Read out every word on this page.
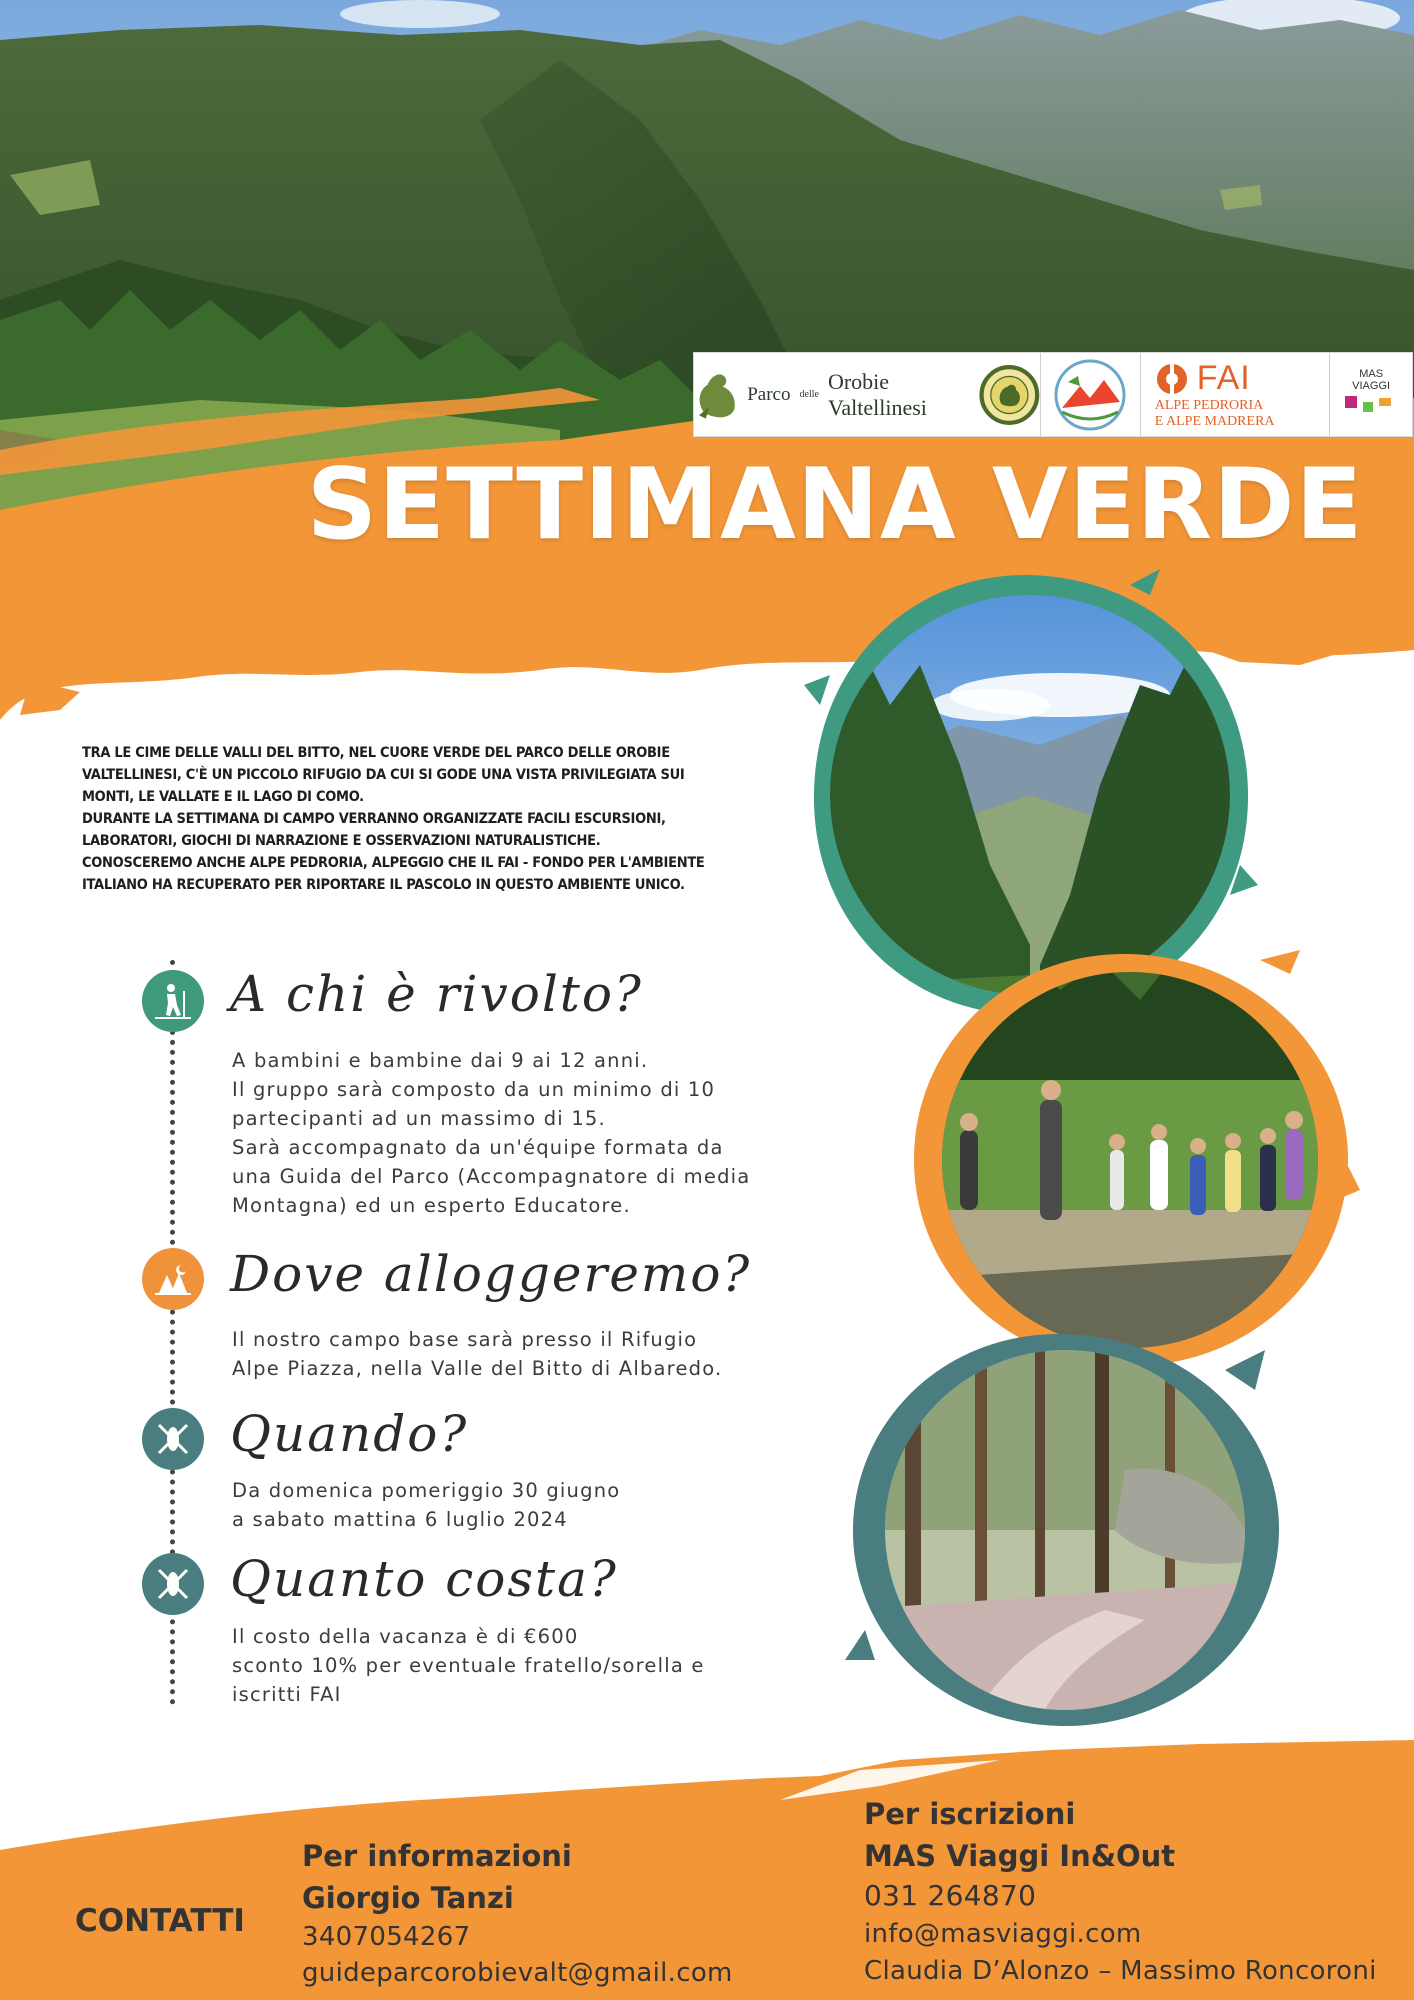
Parco delle
Orobie Valtellinesi
FAI
ALPE PEDRORIA
E ALPE MADRERA
MAS
VIAGGI
SETTIMANA VERDE

TRA LE CIME DELLE VALLI DEL BITTO, NEL CUORE VERDE DEL PARCO DELLE OROBIE

VALTELLINESI, C'È UN PICCOLO RIFUGIO DA CUI SI GODE UNA VISTA PRIVILEGIATA SUI

MONTI, LE VALLATE E IL LAGO DI COMO.

DURANTE LA SETTIMANA DI CAMPO VERRANNO ORGANIZZATE FACILI ESCURSIONI,

LABORATORI, GIOCHI DI NARRAZIONE E OSSERVAZIONI NATURALISTICHE.

CONOSCEREMO ANCHE ALPE PEDRORIA, ALPEGGIO CHE IL FAI - FONDO PER L'AMBIENTE

ITALIANO HA RECUPERATO PER RIPORTARE IL PASCOLO IN QUESTO AMBIENTE UNICO.

A chi è rivolto?
A bambini e bambine dai 9 ai 12 anni.
Il gruppo sarà composto da un minimo di 10
partecipanti ad un massimo di 15.
Sarà accompagnato da un'équipe formata da
una Guida del Parco (Accompagnatore di media
Montagna) ed un esperto Educatore.
Dove alloggeremo?
Il nostro campo base sarà presso il Rifugio
Alpe Piazza, nella Valle del Bitto di Albaredo.
Quando?
Da domenica pomeriggio 30 giugno
a sabato mattina 6 luglio 2024
Quanto costa?
Il costo della vacanza è di €600
sconto 10% per eventuale fratello/sorella e
iscritti FAI
CONTATTI
Per informazioni
Giorgio Tanzi
3407054267
guideparcorobievalt@gmail.com
Per iscrizioni
MAS Viaggi In&Out
031 264870
info@masviaggi.com
Claudia D’Alonzo – Massimo Roncoroni
